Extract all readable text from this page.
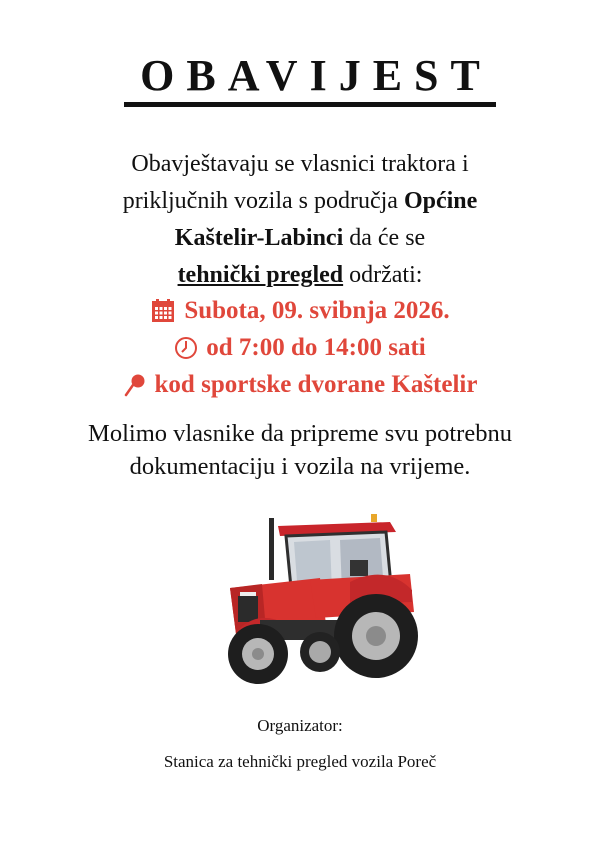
OBAVIJEST
Obavještavaju se vlasnici traktora i
priključnih vozila s područja Općine
Kaštelir-Labinci da će se
tehnički pregled održati:
Subota, 09. svibnja 2026.
od 7:00 do 14:00 sati
kod sportske dvorane Kaštelir
Molimo vlasnike da pripreme svu potrebnu
dokumentaciju i vozila na vrijeme.
Organizator:
Stanica za tehnički pregled vozila Poreč
